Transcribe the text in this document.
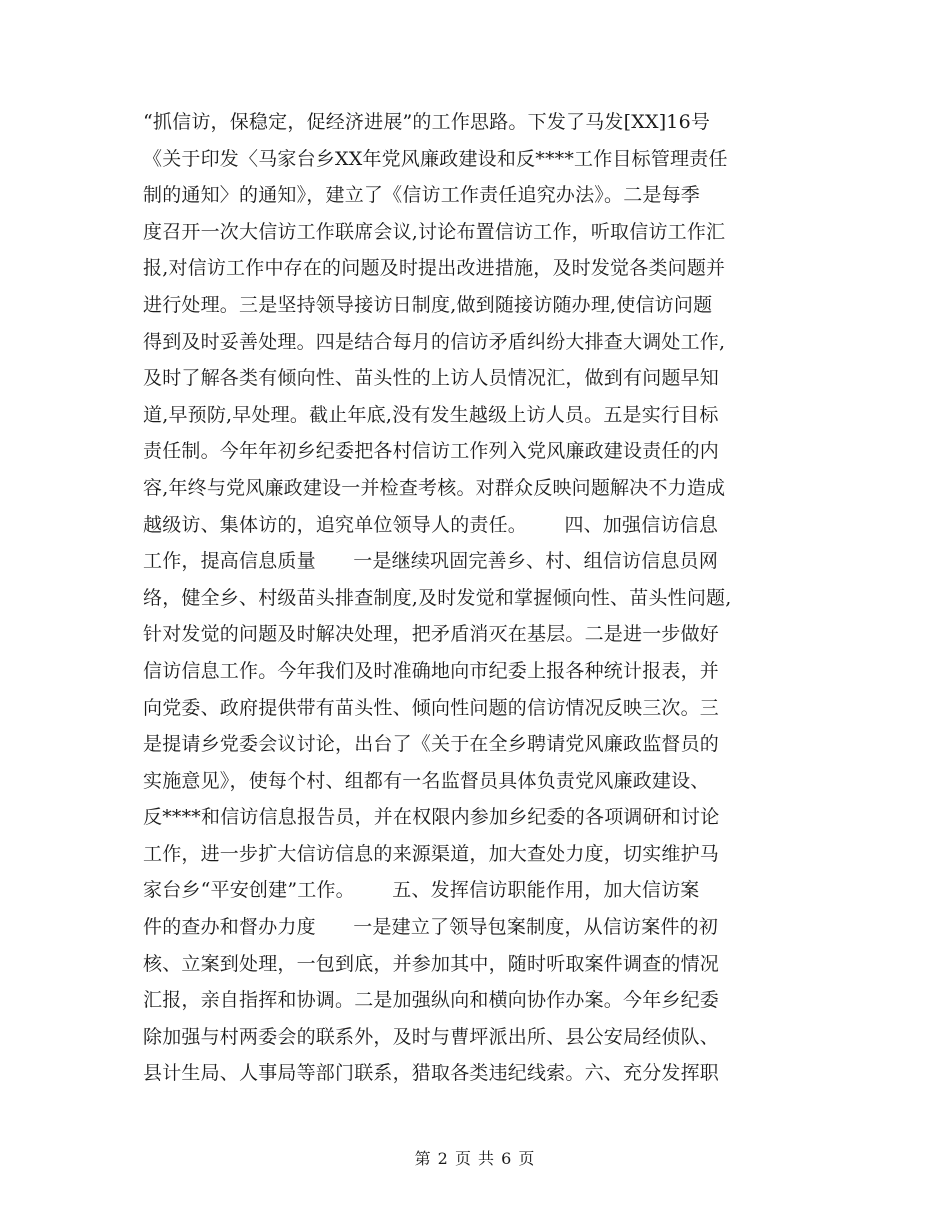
“抓信访，保稳定，促经济进展”的工作思路。下发了马发[XX]16号
《关于印发〈马家台乡XX年党风廉政建设和反****工作目标管理责任
制的通知〉的通知》，建立了《信访工作责任追究办法》。二是每季
度召开一次大信访工作联席会议,讨论布置信访工作，听取信访工作汇
报,对信访工作中存在的问题及时提出改进措施，及时发觉各类问题并
进行处理。三是坚持领导接访日制度,做到随接访随办理,使信访问题
得到及时妥善处理。四是结合每月的信访矛盾纠纷大排查大调处工作,
及时了解各类有倾向性、苗头性的上访人员情况汇，做到有问题早知
道,早预防,早处理。截止年底,没有发生越级上访人员。五是实行目标
责任制。今年年初乡纪委把各村信访工作列入党风廉政建设责任的内
容,年终与党风廉政建设一并检查考核。对群众反映问题解决不力造成
越级访、集体访的，追究单位领导人的责任。      四、加强信访信息
工作，提高信息质量      一是继续巩固完善乡、村、组信访信息员网
络，健全乡、村级苗头排查制度,及时发觉和掌握倾向性、苗头性问题,
针对发觉的问题及时解决处理，把矛盾消灭在基层。二是进一步做好
信访信息工作。今年我们及时准确地向市纪委上报各种统计报表，并
向党委、政府提供带有苗头性、倾向性问题的信访情况反映三次。三
是提请乡党委会议讨论，出台了《关于在全乡聘请党风廉政监督员的
实施意见》，使每个村、组都有一名监督员具体负责党风廉政建设、
反****和信访信息报告员，并在权限内参加乡纪委的各项调研和讨论
工作，进一步扩大信访信息的来源渠道，加大查处力度，切实维护马
家台乡“平安创建”工作。      五、发挥信访职能作用，加大信访案
件的查办和督办力度      一是建立了领导包案制度，从信访案件的初
核、立案到处理，一包到底，并参加其中，随时听取案件调查的情况
汇报，亲自指挥和协调。二是加强纵向和横向协作办案。今年乡纪委
除加强与村两委会的联系外，及时与曹坪派出所、县公安局经侦队、
县计生局、人事局等部门联系，猎取各类违纪线索。六、充分发挥职
第 2 页 共 6 页
